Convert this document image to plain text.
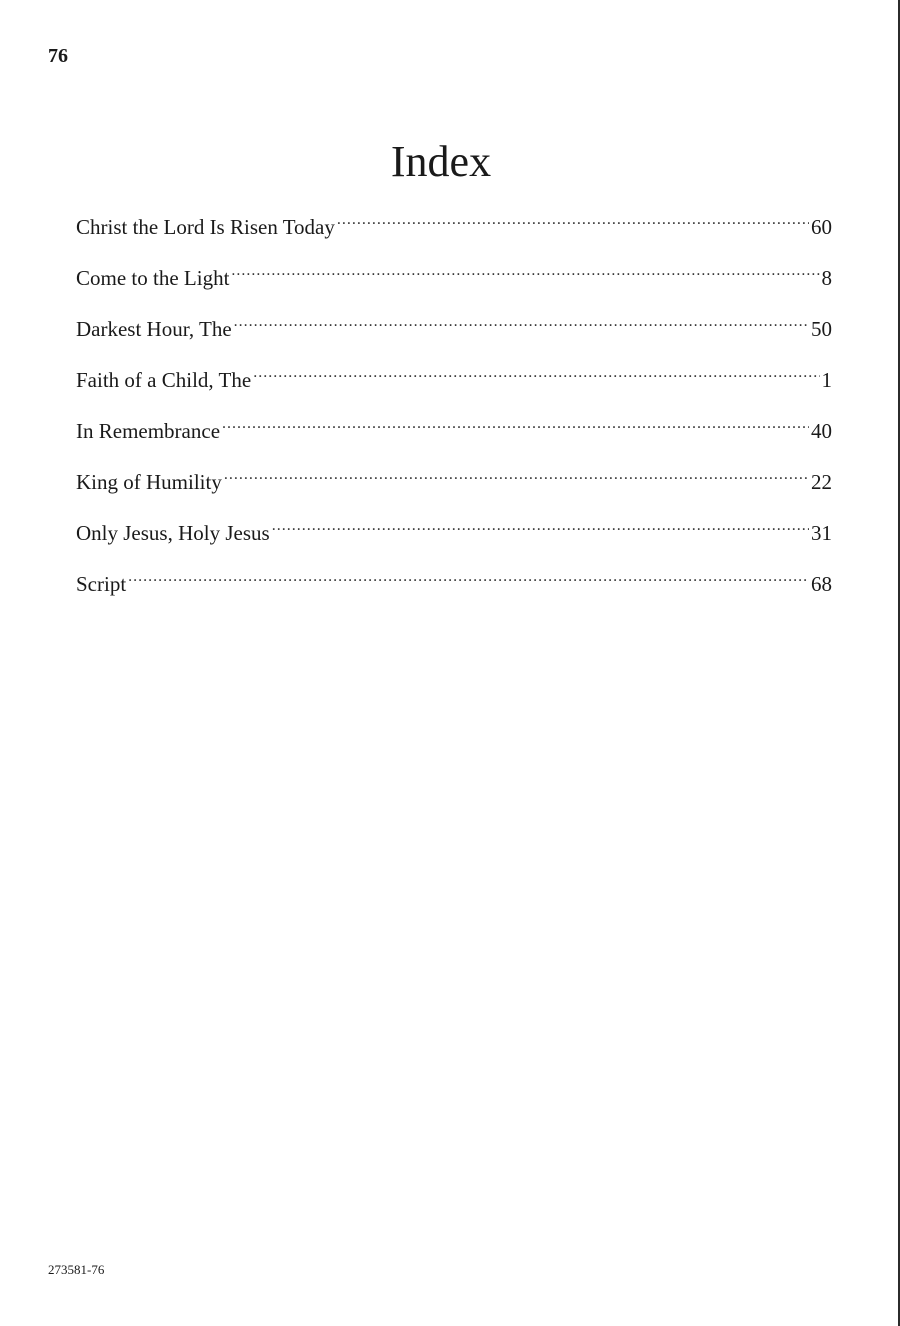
76
Index
Christ the Lord Is Risen Today .....	60
Come to the Light .....	8
Darkest Hour, The .....	50
Faith of a Child, The .....	1
In Remembrance .....	40
King of Humility .....	22
Only Jesus, Holy Jesus .....	31
Script .....	68
273581-76
